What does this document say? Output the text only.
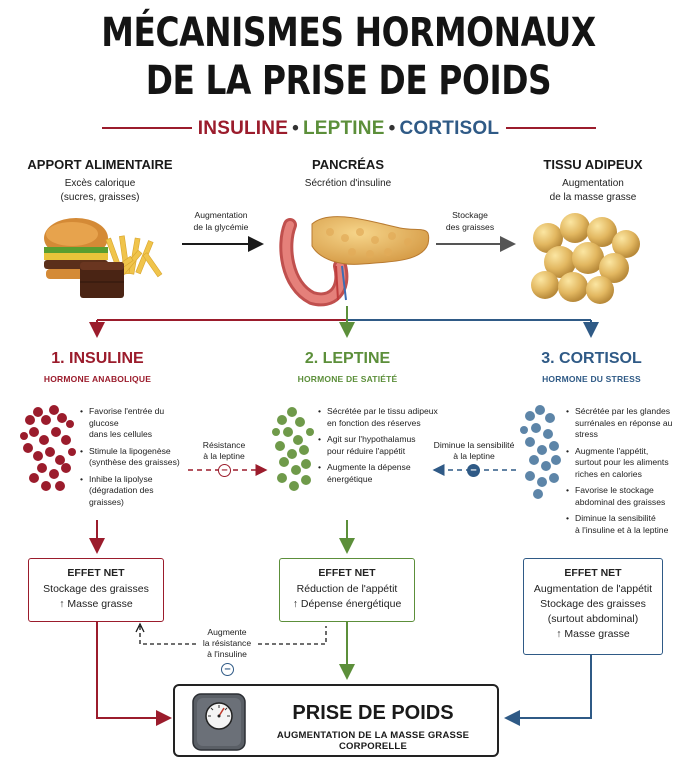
MÉCANISMES HORMONAUX
DE LA PRISE DE POIDS
INSULINE • LEPTINE • CORTISOL
APPORT ALIMENTAIRE
Excès calorique
(sucres, graisses)
PANCRÉAS
Sécrétion d'insuline
TISSU ADIPEUX
Augmentation
de la masse grasse
Augmentation
de la glycémie
Stockage
des graisses
1. INSULINE
HORMONE ANABOLIQUE
2. LEPTINE
HORMONE DE SATIÉTÉ
3. CORTISOL
HORMONE DU STRESS
• Favorise l'entrée du glucose
dans les cellules
• Stimule la lipogenèse
(synthèse des graisses)
• Inhibe la lipolyse
(dégradation des graisses)
• Sécrétée par le tissu adipeux
en fonction des réserves
• Agit sur l'hypothalamus
pour réduire l'appétit
• Augmente la dépense
énergétique
• Sécrétée par les glandes
surrénales en réponse au stress
• Augmente l'appétit,
surtout pour les aliments
riches en calories
• Favorise le stockage
abdominal des graisses
• Diminue la sensibilité
à l'insuline et à la leptine
Résistance
à la leptine
–
Diminue la sensibilité
à la leptine
–
EFFET NET
Stockage des graisses
↑ Masse grasse
EFFET NET
Réduction de l'appétit
↑ Dépense énergétique
EFFET NET
Augmentation de l'appétit
Stockage des graisses
(surtout abdominal)
↑ Masse grasse
Augmente
la résistance
à l'insuline
–
PRISE DE POIDS
AUGMENTATION DE LA MASSE GRASSE CORPORELLE
